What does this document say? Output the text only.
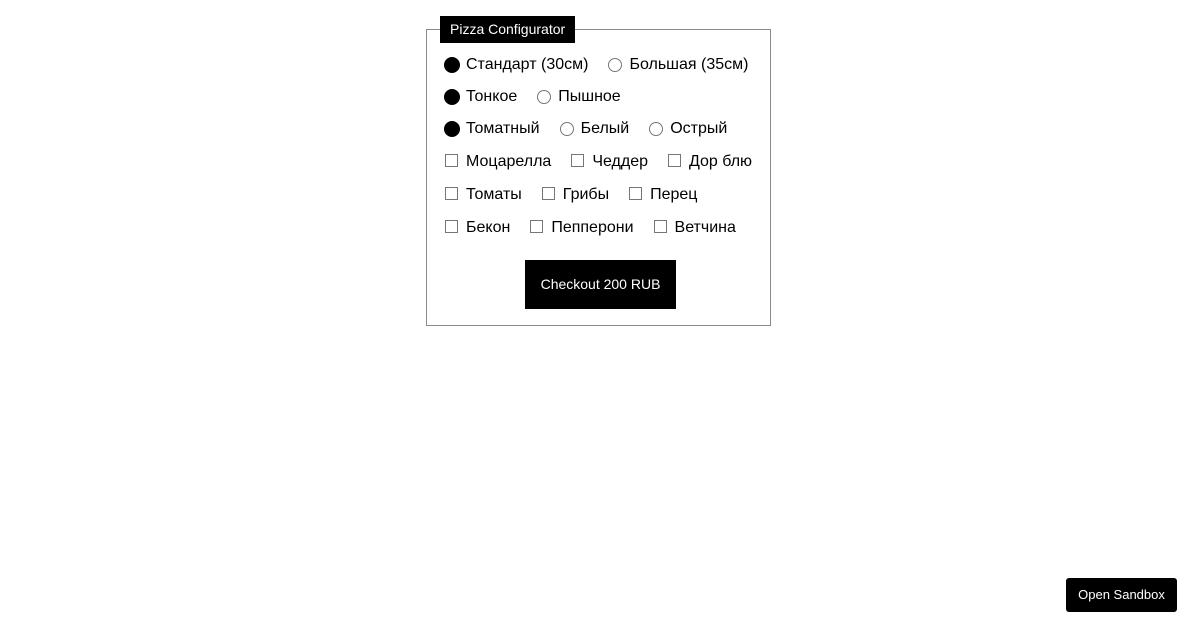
Pizza Configurator
Стандарт (30см)	Большая (35см)
Тонкое	Пышное
Томатный	Белый	Острый
Моцарелла	Чеддер	Дор блю
Томаты	Грибы	Перец
Бекон	Пепперони	Ветчина
Checkout 200 RUB
Open Sandbox
